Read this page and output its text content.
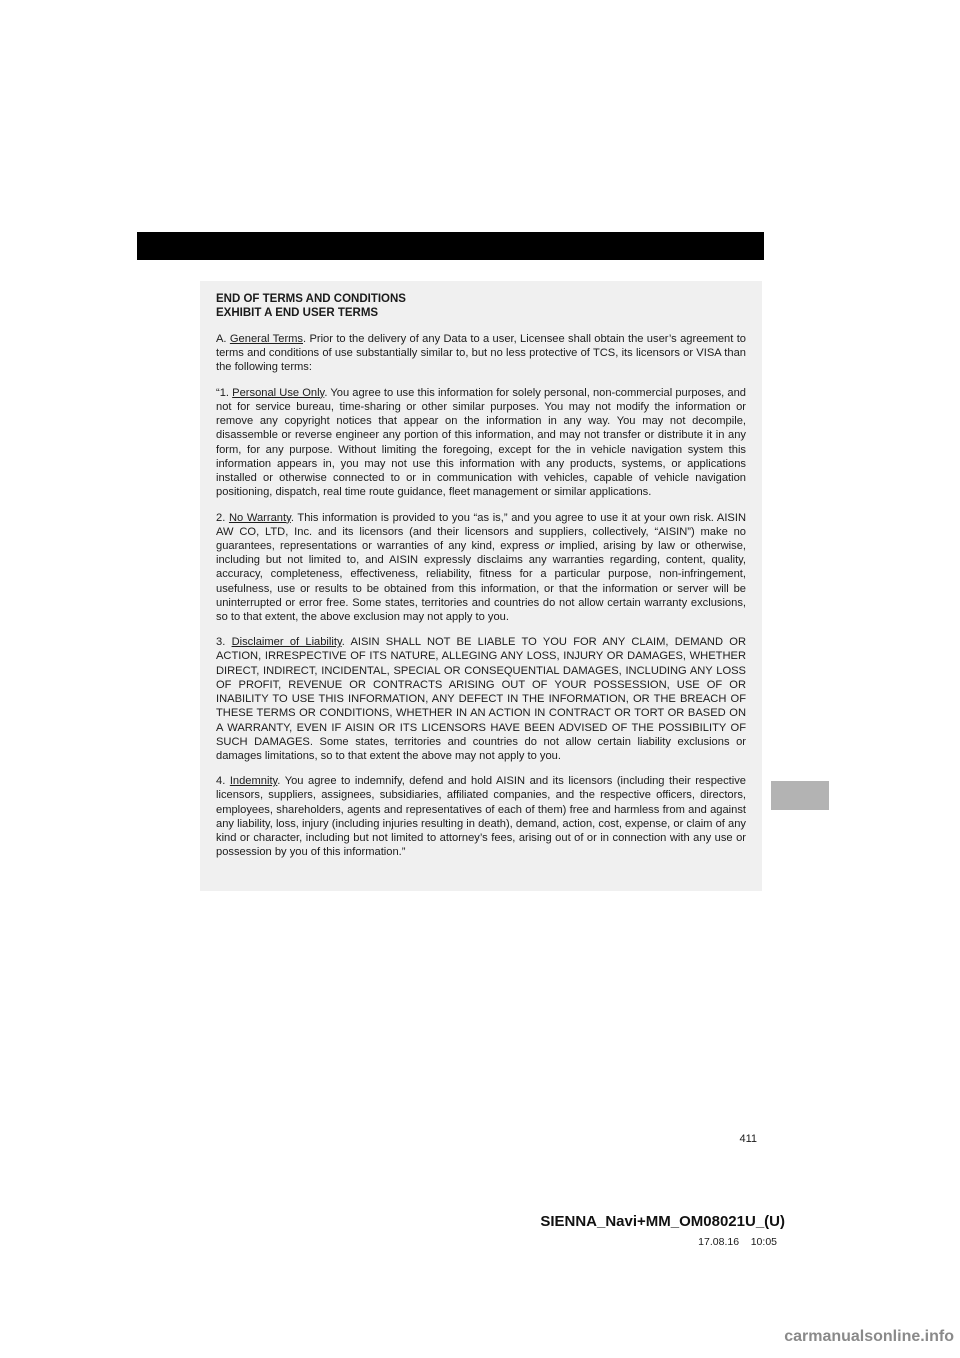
END OF TERMS AND CONDITIONS
EXHIBIT A END USER TERMS

A. General Terms. Prior to the delivery of any Data to a user, Licensee shall obtain the user’s agreement to terms and conditions of use substantially similar to, but no less protective of TCS, its licensors or VISA than the following terms:

“1. Personal Use Only. You agree to use this information for solely personal, non-commercial purposes, and not for service bureau, time-sharing or other similar purposes. You may not modify the information or remove any copyright notices that appear on the information in any way. You may not decompile, disassemble or reverse engineer any portion of this information, and may not transfer or distribute it in any form, for any purpose. Without limiting the foregoing, except for the in vehicle navigation system this information appears in, you may not use this information with any products, systems, or applications installed or otherwise connected to or in communication with vehicles, capable of vehicle navigation positioning, dispatch, real time route guidance, fleet management or similar applications.

2. No Warranty. This information is provided to you “as is,” and you agree to use it at your own risk. AISIN AW CO, LTD, Inc. and its licensors (and their licensors and suppliers, collectively, “AISIN”) make no guarantees, representations or warranties of any kind, express or implied, arising by law or otherwise, including but not limited to, and AISIN expressly disclaims any warranties regarding, content, quality, accuracy, completeness, effectiveness, reliability, fitness for a particular purpose, non-infringement, usefulness, use or results to be obtained from this information, or that the information or server will be uninterrupted or error free. Some states, territories and countries do not allow certain warranty exclusions, so to that extent, the above exclusion may not apply to you.

3. Disclaimer of Liability. AISIN SHALL NOT BE LIABLE TO YOU FOR ANY CLAIM, DEMAND OR ACTION, IRRESPECTIVE OF ITS NATURE, ALLEGING ANY LOSS, INJURY OR DAMAGES, WHETHER DIRECT, INDIRECT, INCIDENTAL, SPECIAL OR CONSEQUENTIAL DAMAGES, INCLUDING ANY LOSS OF PROFIT, REVENUE OR CONTRACTS ARISING OUT OF YOUR POSSESSION, USE OF OR INABILITY TO USE THIS INFORMATION, ANY DEFECT IN THE INFORMATION, OR THE BREACH OF THESE TERMS OR CONDITIONS, WHETHER IN AN ACTION IN CONTRACT OR TORT OR BASED ON A WARRANTY, EVEN IF AISIN OR ITS LICENSORS HAVE BEEN ADVISED OF THE POSSIBILITY OF SUCH DAMAGES. Some states, territories and countries do not allow certain liability exclusions or damages limitations, so to that extent the above may not apply to you.

4. Indemnity. You agree to indemnify, defend and hold AISIN and its licensors (including their respective licensors, suppliers, assignees, subsidiaries, affiliated companies, and the respective officers, directors, employees, shareholders, agents and representatives of each of them) free and harmless from and against any liability, loss, injury (including injuries resulting in death), demand, action, cost, expense, or claim of any kind or character, including but not limited to attorney’s fees, arising out of or in connection with any use or possession by you of this information.”

411
SIENNA_Navi+MM_OM08021U_(U)
17.08.16 10:05
carmanualsonline.info
